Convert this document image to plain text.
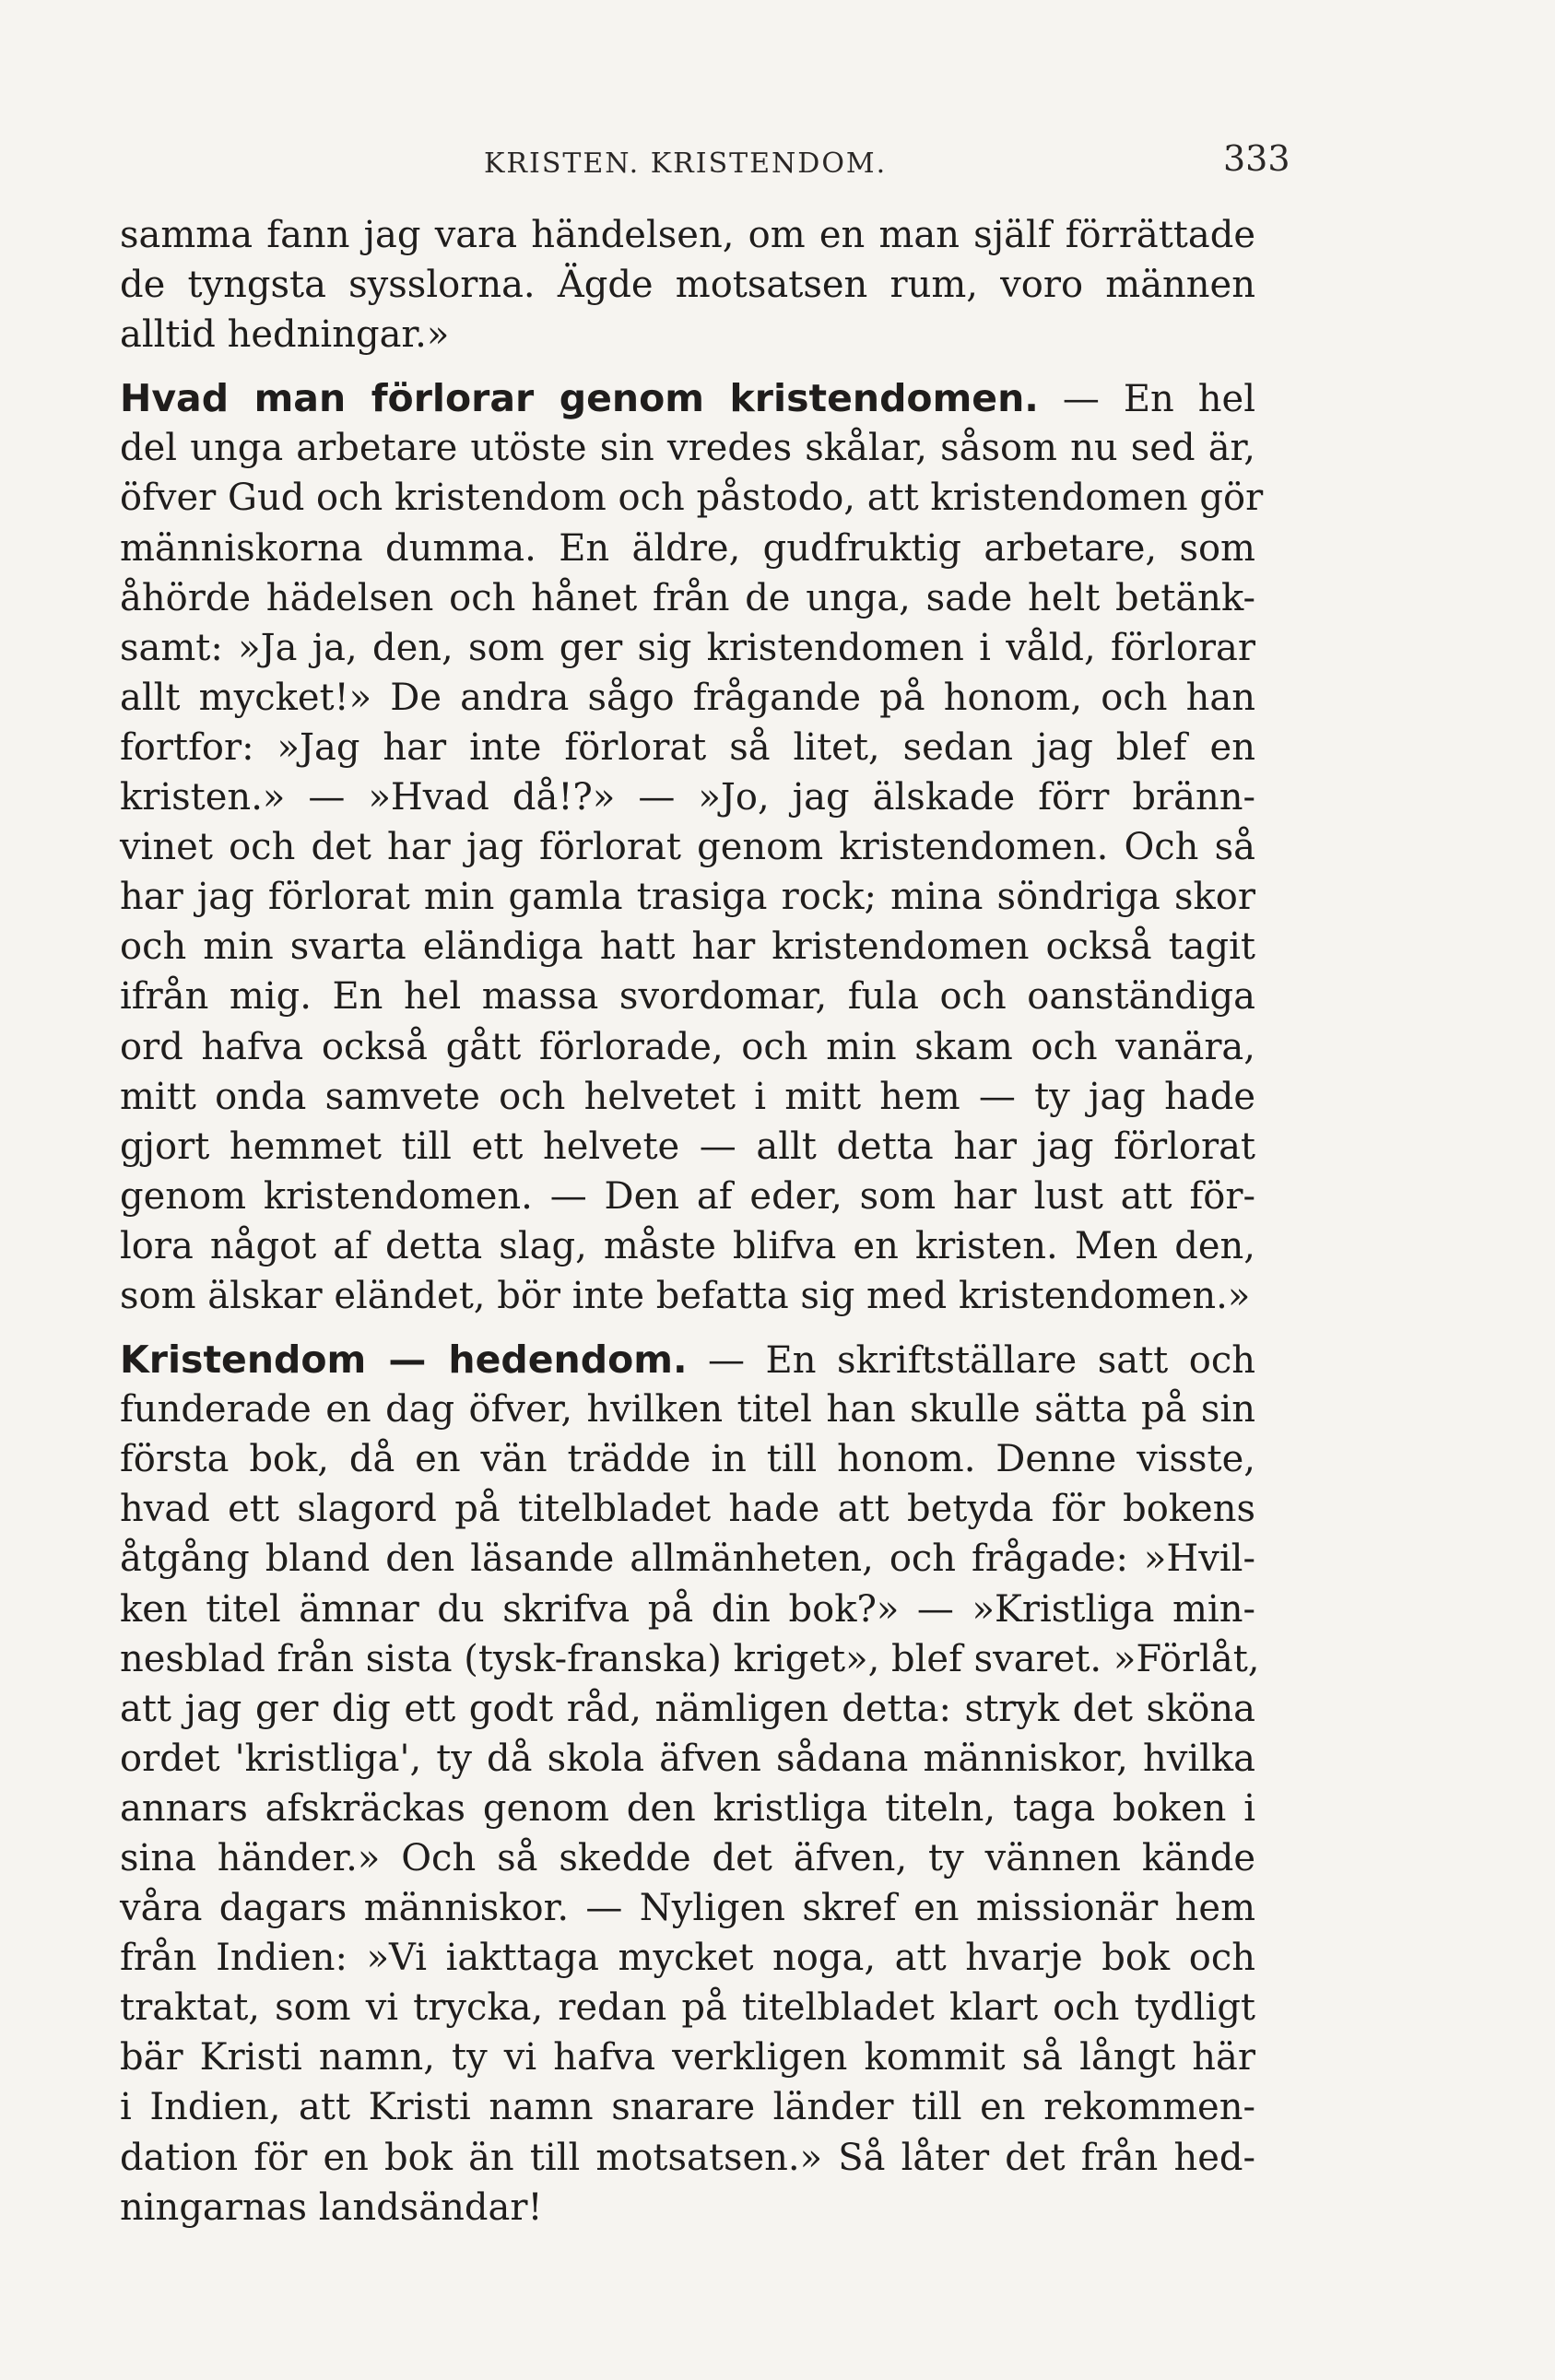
KRISTEN. KRISTENDOM.	333
samma fann jag vara händelsen, om en man själf förrättade
de tyngsta sysslorna. Ägde motsatsen rum, voro männen
alltid hedningar.»
Hvad man förlorar genom kristendomen. — En hel
del unga arbetare utöste sin vredes skålar, såsom nu sed är,
öfver Gud och kristendom och påstodo, att kristendomen gör
människorna dumma. En äldre, gudfruktig arbetare, som
åhörde hädelsen och hånet från de unga, sade helt betänk-
samt: »Ja ja, den, som ger sig kristendomen i våld, förlorar
allt mycket!» De andra sågo frågande på honom, och han
fortfor: »Jag har inte förlorat så litet, sedan jag blef en
kristen.» — »Hvad då!?» — »Jo, jag älskade förr bränn-
vinet och det har jag förlorat genom kristendomen. Och så
har jag förlorat min gamla trasiga rock; mina söndriga skor
och min svarta eländiga hatt har kristendomen också tagit
ifrån mig. En hel massa svordomar, fula och oanständiga
ord hafva också gått förlorade, och min skam och vanära,
mitt onda samvete och helvetet i mitt hem — ty jag hade
gjort hemmet till ett helvete — allt detta har jag förlorat
genom kristendomen. — Den af eder, som har lust att för-
lora något af detta slag, måste blifva en kristen. Men den,
som älskar eländet, bör inte befatta sig med kristendomen.»
Kristendom — hedendom. — En skriftställare satt och
funderade en dag öfver, hvilken titel han skulle sätta på sin
första bok, då en vän trädde in till honom. Denne visste,
hvad ett slagord på titelbladet hade att betyda för bokens
åtgång bland den läsande allmänheten, och frågade: »Hvil-
ken titel ämnar du skrifva på din bok?» — »Kristliga min-
nesblad från sista (tysk-franska) kriget», blef svaret. »Förlåt,
att jag ger dig ett godt råd, nämligen detta: stryk det sköna
ordet 'kristliga', ty då skola äfven sådana människor, hvilka
annars afskräckas genom den kristliga titeln, taga boken i
sina händer.» Och så skedde det äfven, ty vännen kände
våra dagars människor. — Nyligen skref en missionär hem
från Indien: »Vi iakttaga mycket noga, att hvarje bok och
traktat, som vi trycka, redan på titelbladet klart och tydligt
bär Kristi namn, ty vi hafva verkligen kommit så långt här
i Indien, att Kristi namn snarare länder till en rekommen-
dation för en bok än till motsatsen.» Så låter det från hed-
ningarnas landsändar!
